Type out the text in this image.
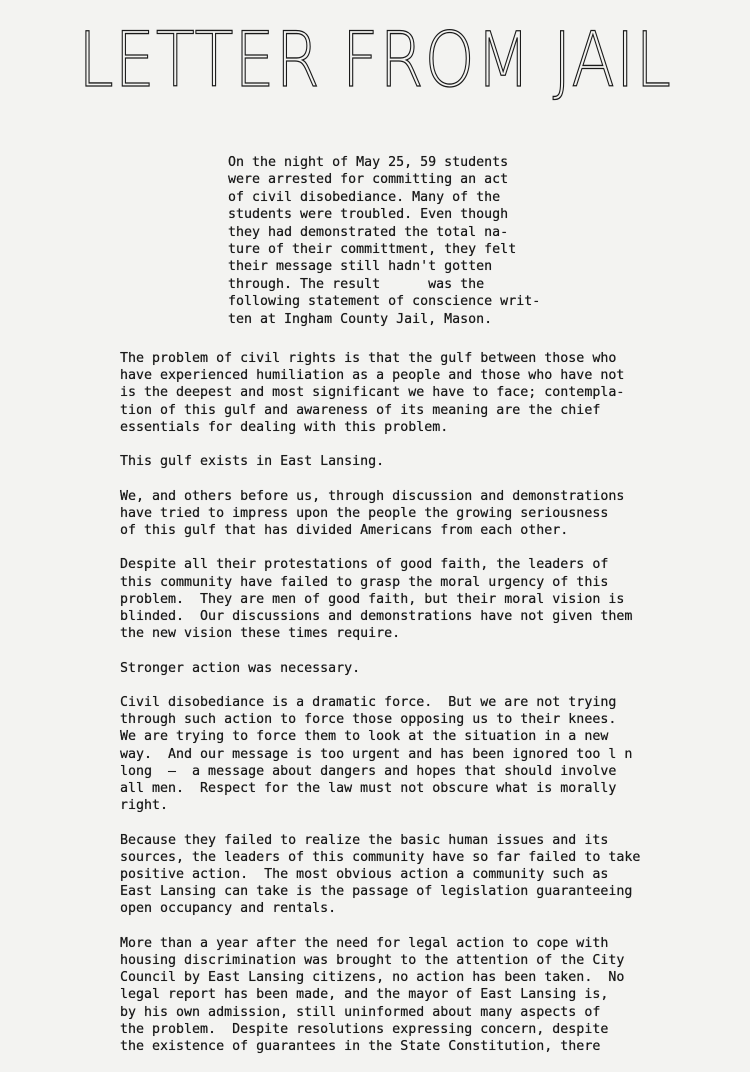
LETTER FROM JAIL
On the night of May 25, 59 students
were arrested for committing an act
of civil disobediance. Many of the
students were troubled. Even though
they had demonstrated the total na-
ture of their committment, they felt
their message still hadn't gotten
through. The result      was the
following statement of conscience writ-
ten at Ingham County Jail, Mason.
The problem of civil rights is that the gulf between those who
have experienced humiliation as a people and those who have not
is the deepest and most significant we have to face; contempla-
tion of this gulf and awareness of its meaning are the chief
essentials for dealing with this problem.
This gulf exists in East Lansing.
We, and others before us, through discussion and demonstrations
have tried to impress upon the people the growing seriousness
of this gulf that has divided Americans from each other.
Despite all their protestations of good faith, the leaders of
this community have failed to grasp the moral urgency of this
problem.  They are men of good faith, but their moral vision is
blinded.  Our discussions and demonstrations have not given them
the new vision these times require.
Stronger action was necessary.
Civil disobediance is a dramatic force.  But we are not trying
through such action to force those opposing us to their knees.
We are trying to force them to look at the situation in a new
way.  And our message is too urgent and has been ignored too l n
long  —  a message about dangers and hopes that should involve
all men.  Respect for the law must not obscure what is morally
right.
Because they failed to realize the basic human issues and its
sources, the leaders of this community have so far failed to take
positive action.  The most obvious action a community such as
East Lansing can take is the passage of legislation guaranteeing
open occupancy and rentals.
More than a year after the need for legal action to cope with
housing discrimination was brought to the attention of the City
Council by East Lansing citizens, no action has been taken.  No
legal report has been made, and the mayor of East Lansing is,
by his own admission, still uninformed about many aspects of
the problem.  Despite resolutions expressing concern, despite
the existence of guarantees in the State Constitution, there
